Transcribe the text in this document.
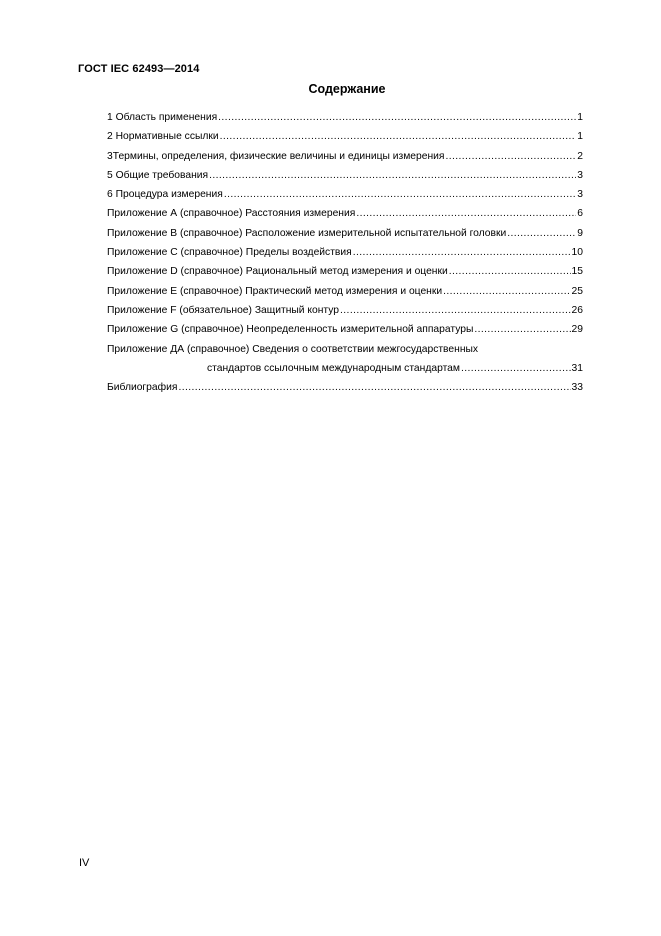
ГОСТ IEC 62493—2014
Содержание
1 Область применения .....	1
2 Нормативные ссылки .....	1
3Термины, определения, физические величины и единицы измерения .....	2
5 Общие требования .....	3
6 Процедура измерения .....	3
Приложение А (справочное) Расстояния измерения .....	6
Приложение В (справочное) Расположение измерительной испытательной головки .....	9
Приложение С (справочное) Пределы воздействия .....	10
Приложение D (справочное) Рациональный метод измерения и оценки .....	15
Приложение Е (справочное) Практический метод измерения и оценки .....	25
Приложение F (обязательное) Защитный контур .....	26
Приложение G (справочное) Неопределенность измерительной аппаратуры .....	29
Приложение ДА (справочное) Сведения о соответствии межгосударственных
стандартов ссылочным международным стандартам .....	31
Библиография .....	33
IV
